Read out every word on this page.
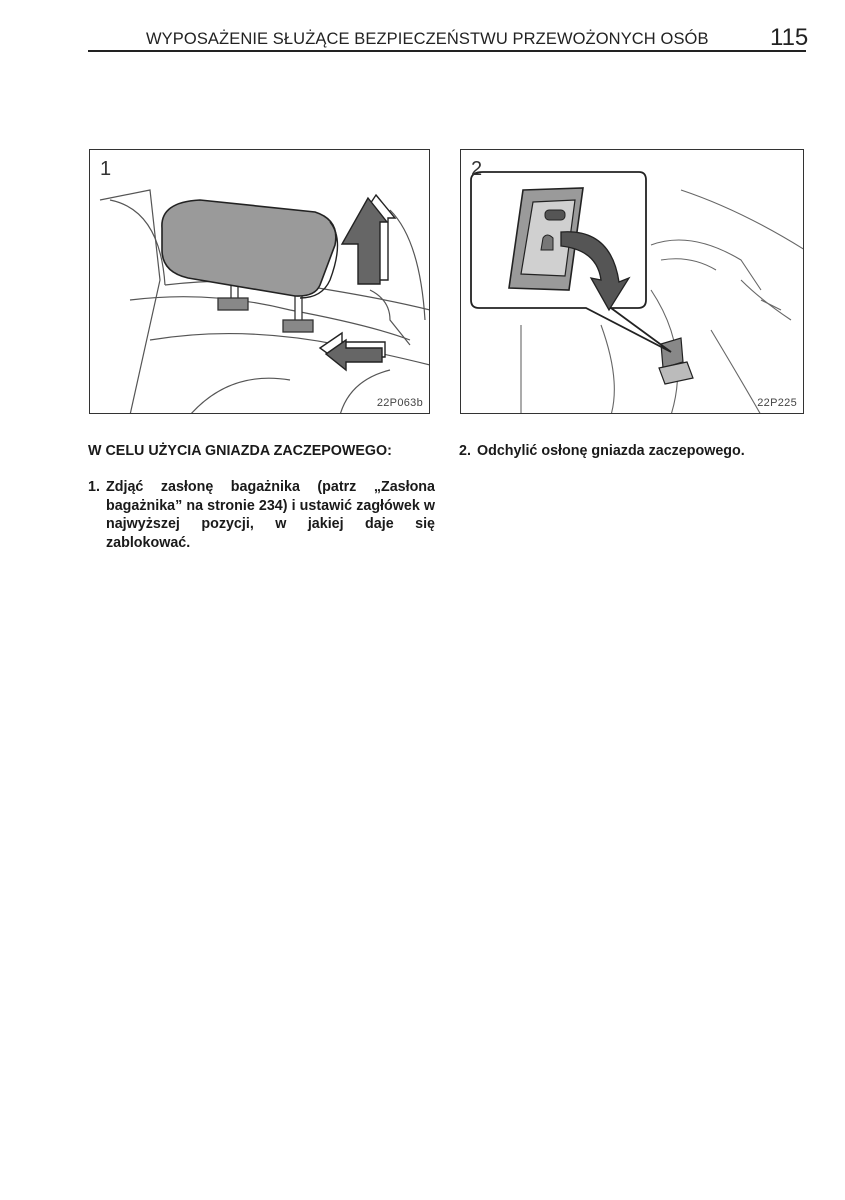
WYPOSAŻENIE SŁUŻĄCE BEZPIECZEŃSTWU PRZEWOŻONYCH OSÓB	115
1
22P063b
2
22P225
W CELU UŻYCIA GNIAZDA ZACZEPOWEGO:
1. Zdjąć zasłonę bagażnika (patrz „Zasłona bagażnika” na stronie 234) i ustawić zagłówek w najwyższej pozycji, w jakiej daje się zablokować.
2. Odchylić osłonę gniazda zaczepowego.
